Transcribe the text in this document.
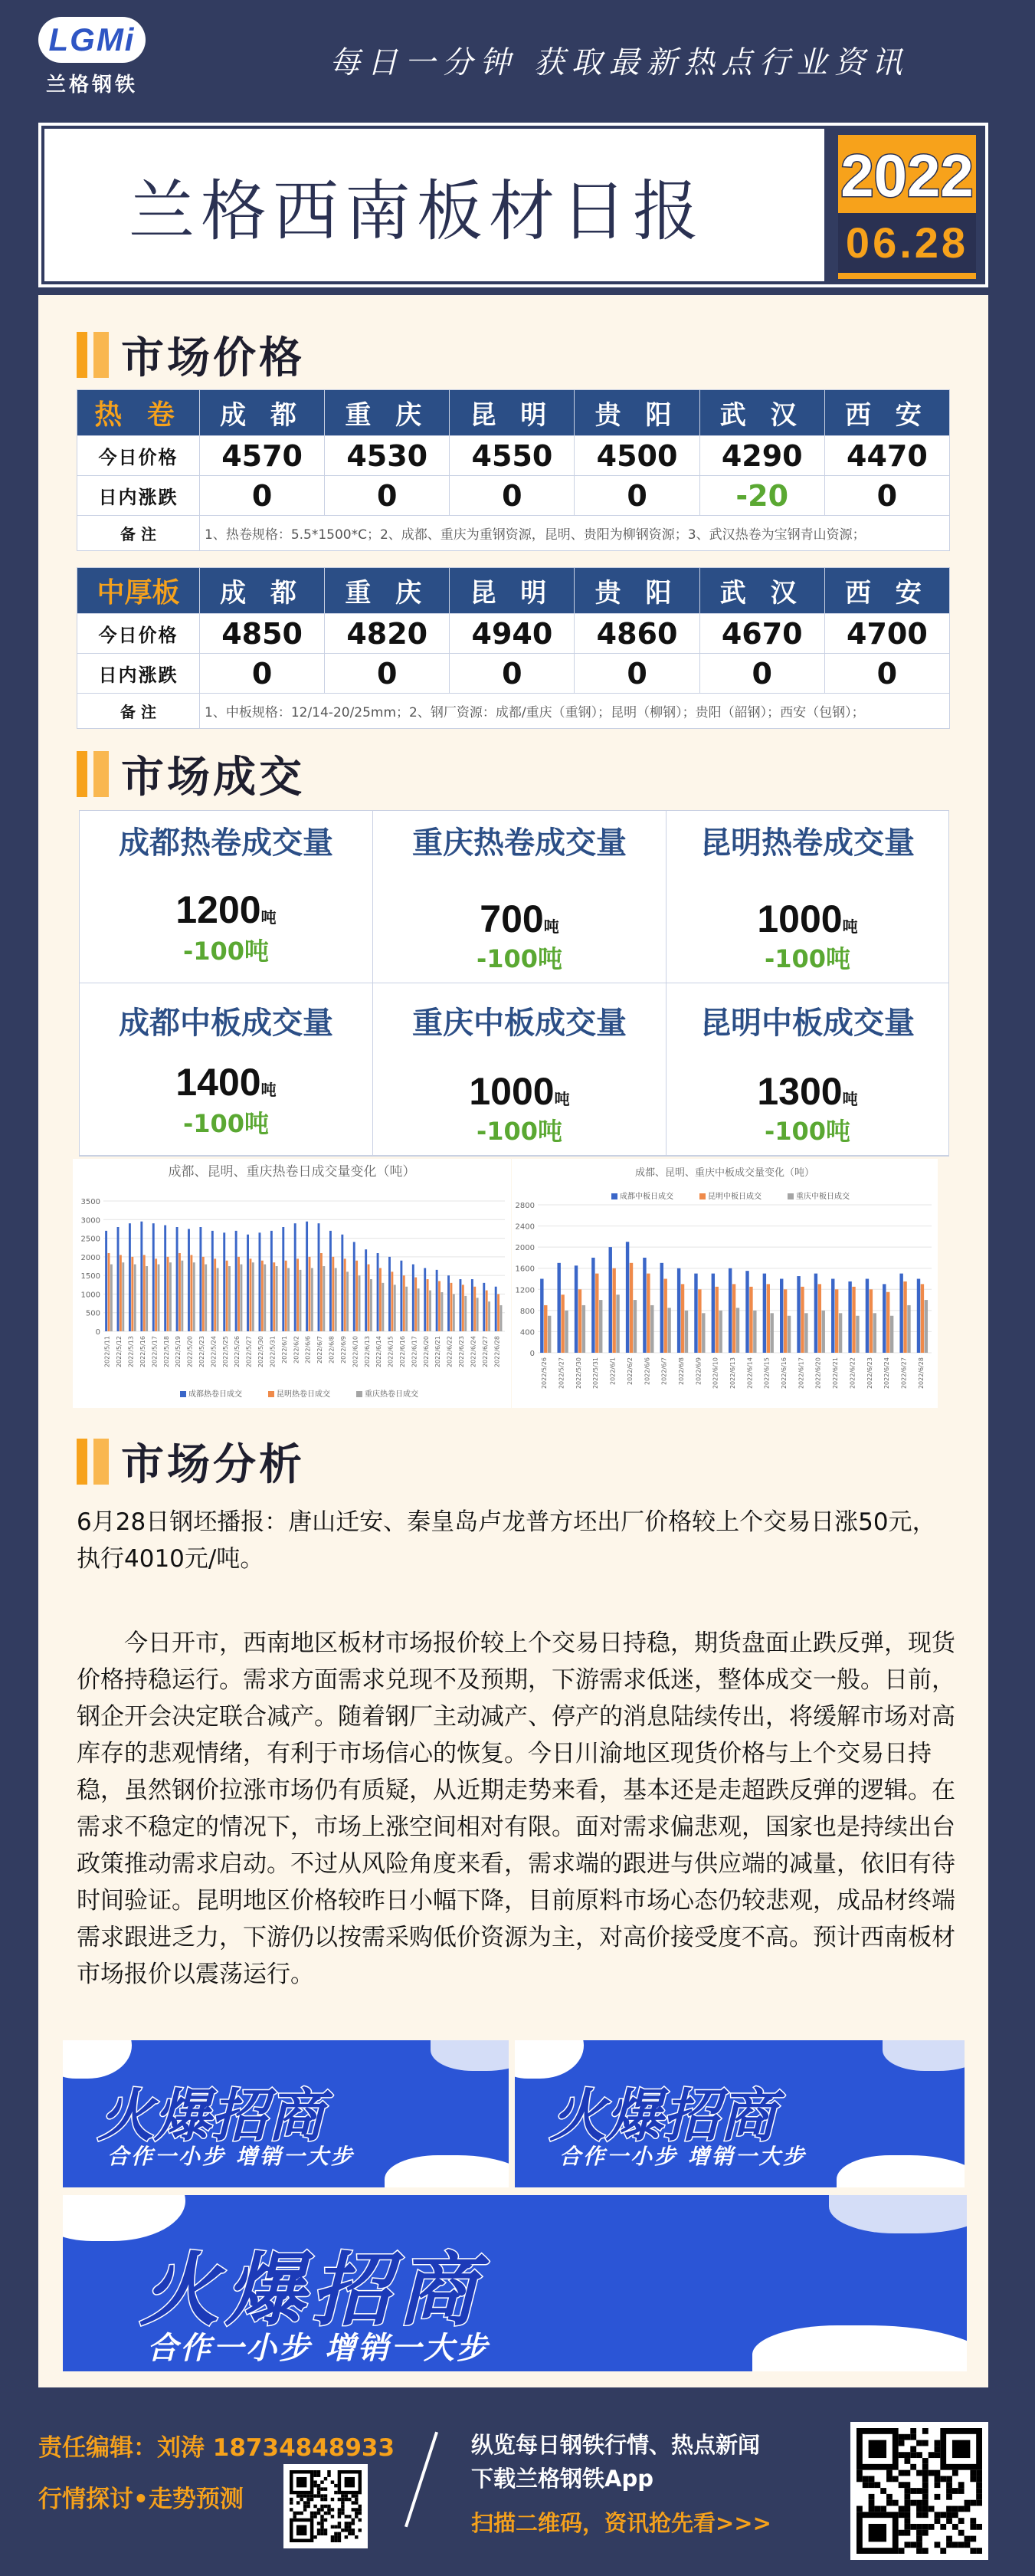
LGMi
兰格钢铁
每日一分钟 获取最新热点行业资讯
兰格西南板材日报	2022
06.28
市场价格
热 卷	成 都	重 庆	昆 明	贵 阳	武 汉	西 安
今日价格	4570	4530	4550	4500	4290	4470
日内涨跌	0	0	0	0	-20	0
备 注	1、热卷规格：5.5*1500*C；2、成都、重庆为重钢资源，昆明、贵阳为柳钢资源；3、武汉热卷为宝钢青山资源；					
中厚板	成 都	重 庆	昆 明	贵 阳	武 汉	西 安
今日价格	4850	4820	4940	4860	4670	4700
日内涨跌	0	0	0	0	0	0
备 注	1、中板规格：12/14-20/25mm；2、钢厂资源：成都/重庆（重钢）；昆明（柳钢）；贵阳（韶钢）；西安（包钢）；					
市场成交
成都热卷成交量
1200吨
-100吨
重庆热卷成交量
700吨
-100吨
昆明热卷成交量
1000吨
-100吨
成都中板成交量
1400吨
-100吨
重庆中板成交量
1000吨
-100吨
昆明中板成交量
1300吨
-100吨
成都、昆明、重庆热卷日成交量变化（吨）
0
500
1000
1500
2000
2500
3000
3500
2022/5/11 2022/5/12 2022/5/13 2022/5/16 2022/5/17 2022/5/18 2022/5/19 2022/5/20 2022/5/23 2022/5/24 2022/5/25 2022/5/26 2022/5/27 2022/5/30 2022/5/31 2022/6/1 2022/6/2 2022/6/6 2022/6/7 2022/6/8 2022/6/9 2022/6/10 2022/6/13 2022/6/14 2022/6/15 2022/6/16 2022/6/17 2022/6/20 2022/6/21 2022/6/22 2022/6/23 2022/6/24 2022/6/27 2022/6/28
成都热卷日成交	昆明热卷日成交	重庆热卷日成交
成都、昆明、重庆中板成交量变化（吨）
0
400
800
1200
1600
2000
2400
2800
2022/5/26 2022/5/27 2022/5/30 2022/5/31 2022/6/1 2022/6/2 2022/6/6 2022/6/7 2022/6/8 2022/6/9 2022/6/10 2022/6/13 2022/6/14 2022/6/15 2022/6/16 2022/6/17 2022/6/20 2022/6/21 2022/6/22 2022/6/23 2022/6/24 2022/6/27 2022/6/28
成都中板日成交	昆明中板日成交	重庆中板日成交
市场分析
6月28日钢坯播报：唐山迁安、秦皇岛卢龙普方坯出厂价格较上个交易日涨50元，执行4010元/吨。
今日开市，西南地区板材市场报价较上个交易日持稳，期货盘面止跌反弹，现货价格持稳运行。需求方面需求兑现不及预期，下游需求低迷，整体成交一般。日前，钢企开会决定联合减产。随着钢厂主动减产、停产的消息陆续传出，将缓解市场对高库存的悲观情绪，有利于市场信心的恢复。今日川渝地区现货价格与上个交易日持稳，虽然钢价拉涨市场仍有质疑，从近期走势来看，基本还是走超跌反弹的逻辑。在需求不稳定的情况下，市场上涨空间相对有限。面对需求偏悲观，国家也是持续出台政策推动需求启动。不过从风险角度来看，需求端的跟进与供应端的减量，依旧有待时间验证。昆明地区价格较昨日小幅下降，目前原料市场心态仍较悲观，成品材终端需求跟进乏力，下游仍以按需采购低价资源为主，对高价接受度不高。预计西南板材市场报价以震荡运行。
火爆招商
合作一小步 增销一大步
火爆招商
合作一小步 增销一大步
火爆招商
合作一小步 增销一大步
责任编辑：刘涛 18734848933
行情探讨•走势预测
纵览每日钢铁行情、热点新闻
下载兰格钢铁App
扫描二维码，资讯抢先看>>>
